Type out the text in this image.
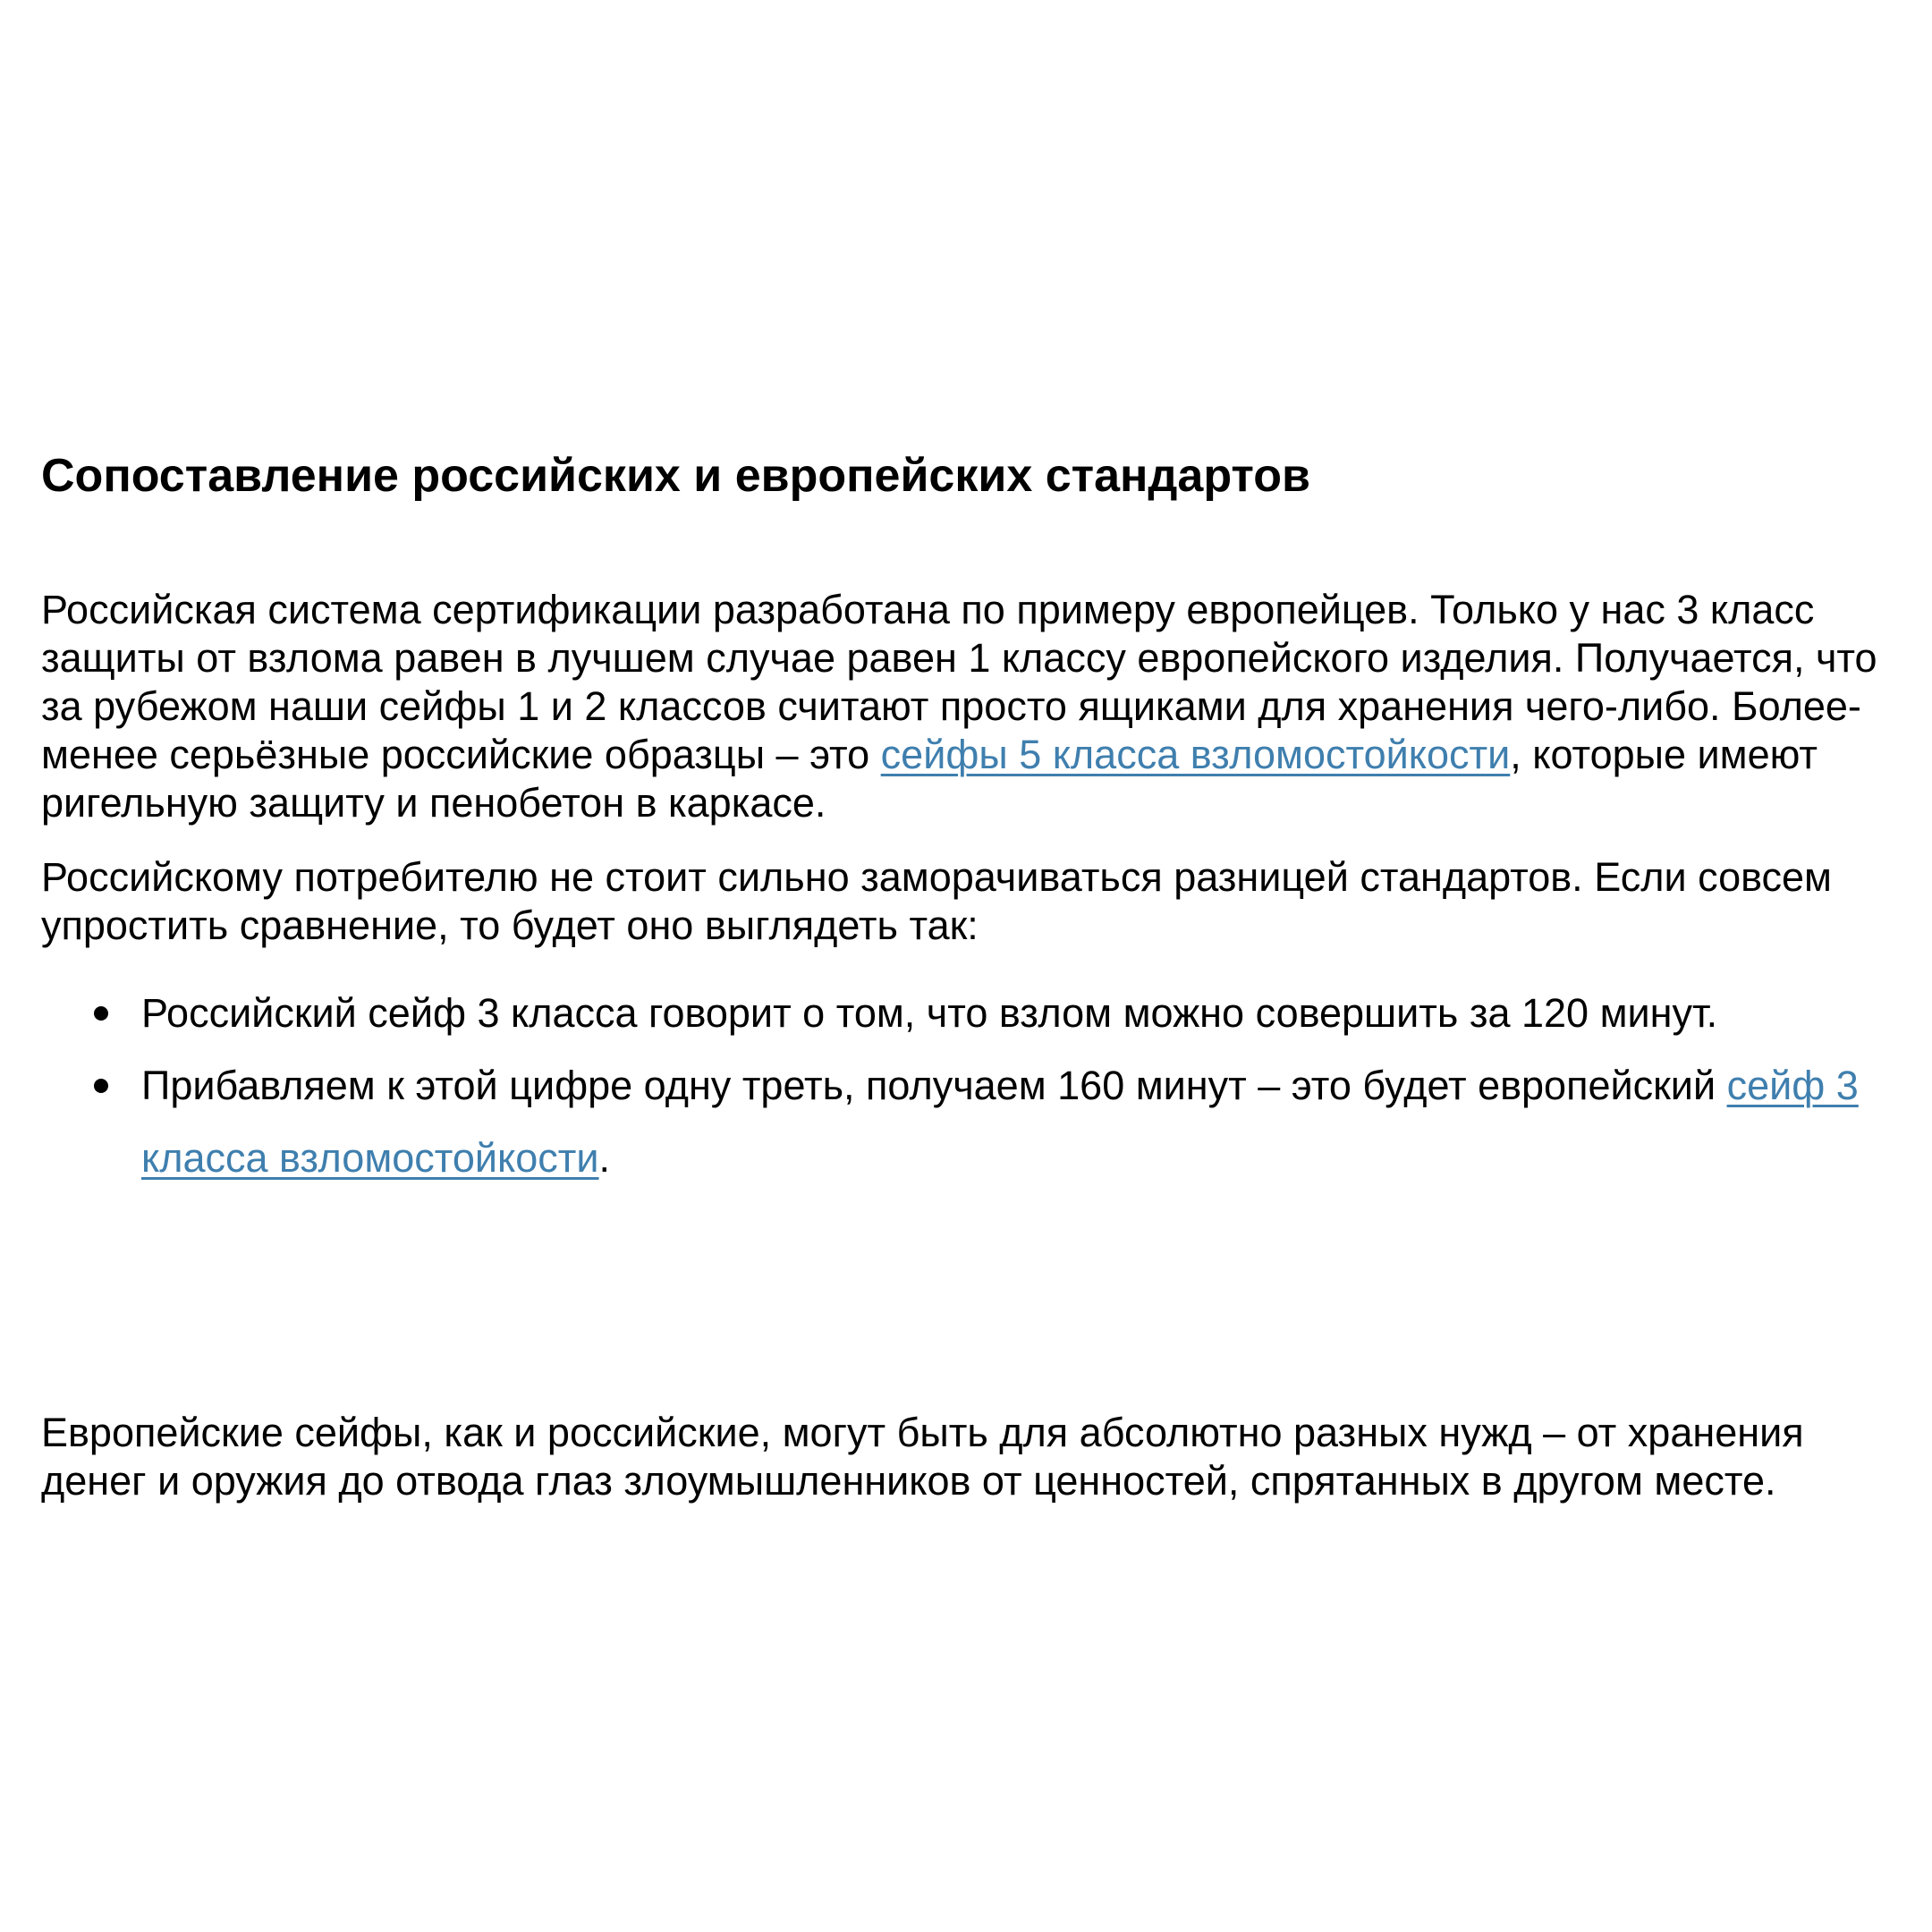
Сопоставление российских и европейских стандартов

Российская система сертификации разработана по примеру европейцев. Только у нас 3 класс защиты от взлома равен в лучшем случае равен 1 классу европейского изделия. Получается, что за рубежом наши сейфы 1 и 2 классов считают просто ящиками для хранения чего-либо. Более-менее серьёзные российские образцы – это сейфы 5 класса взломостойкости, которые имеют ригельную защиту и пенобетон в каркасе.

Российскому потребителю не стоит сильно заморачиваться разницей стандартов. Если совсем упростить сравнение, то будет оно выглядеть так:

Российский сейф 3 класса говорит о том, что взлом можно совершить за 120 минут.
Прибавляем к этой цифре одну треть, получаем 160 минут – это будет европейский сейф 3 класса взломостойкости.

Европейские сейфы, как и российские, могут быть для абсолютно разных нужд – от хранения денег и оружия до отвода глаз злоумышленников от ценностей, спрятанных в другом месте.
